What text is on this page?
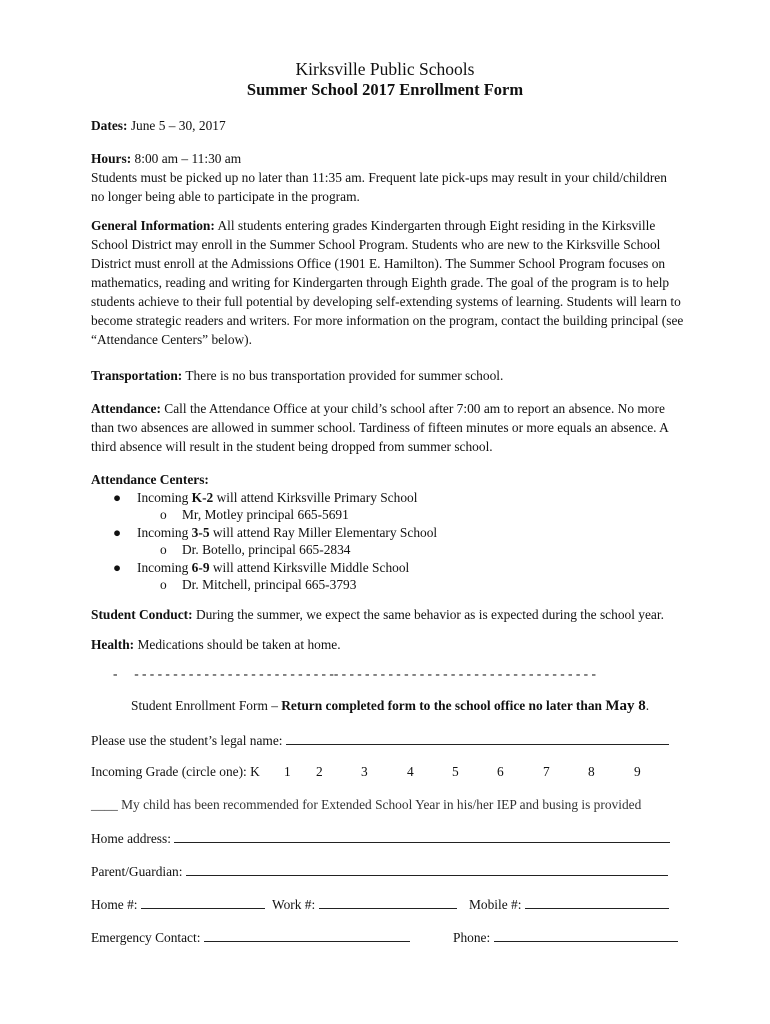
Kirksville Public Schools
Summer School 2017 Enrollment Form
Dates: June 5 – 30, 2017
Hours: 8:00 am – 11:30 am
Students must be picked up no later than 11:35 am. Frequent late pick-ups may result in your child/children
no longer being able to participate in the program.
General Information: All students entering grades Kindergarten through Eight residing in the Kirksville
School District may enroll in the Summer School Program. Students who are new to the Kirksville School
District must enroll at the Admissions Office (1901 E. Hamilton). The Summer School Program focuses on
mathematics, reading and writing for Kindergarten through Eighth grade. The goal of the program is to help
students achieve to their full potential by developing self-extending systems of learning. Students will learn to
become strategic readers and writers. For more information on the program, contact the building principal (see
“Attendance Centers” below).
Transportation: There is no bus transportation provided for summer school.
Attendance: Call the Attendance Office at your child’s school after 7:00 am to report an absence. No more
than two absences are allowed in summer school. Tardiness of fifteen minutes or more equals an absence. A
third absence will result in the student being dropped from summer school.
Attendance Centers:
● Incoming K-2 will attend Kirksville Primary School
o Mr, Motley principal 665-5691
● Incoming 3-5 will attend Ray Miller Elementary School
o Dr. Botello, principal 665-2834
● Incoming 6-9 will attend Kirksville Middle School
o Dr. Mitchell, principal 665-3793
Student Conduct: During the summer, we expect the same behavior as is expected during the school year.
Health: Medications should be taken at home.
-     - - - - - - - - - - - - - - - - - - - - - - - - - -- - - - - - - - - - - - - - - - - - - - - - - - - - - - - - - - - -
Student Enrollment Form – Return completed form to the school office no later than May 8.
Please use the student’s legal name:
Incoming Grade (circle one): K 1 2	3	4	5	6	7	8	9
____ My child has been recommended for Extended School Year in his/her IEP and busing is provided
Home address:
Parent/Guardian:
Home #:	Work #:	Mobile #:
Emergency Contact:	Phone:
